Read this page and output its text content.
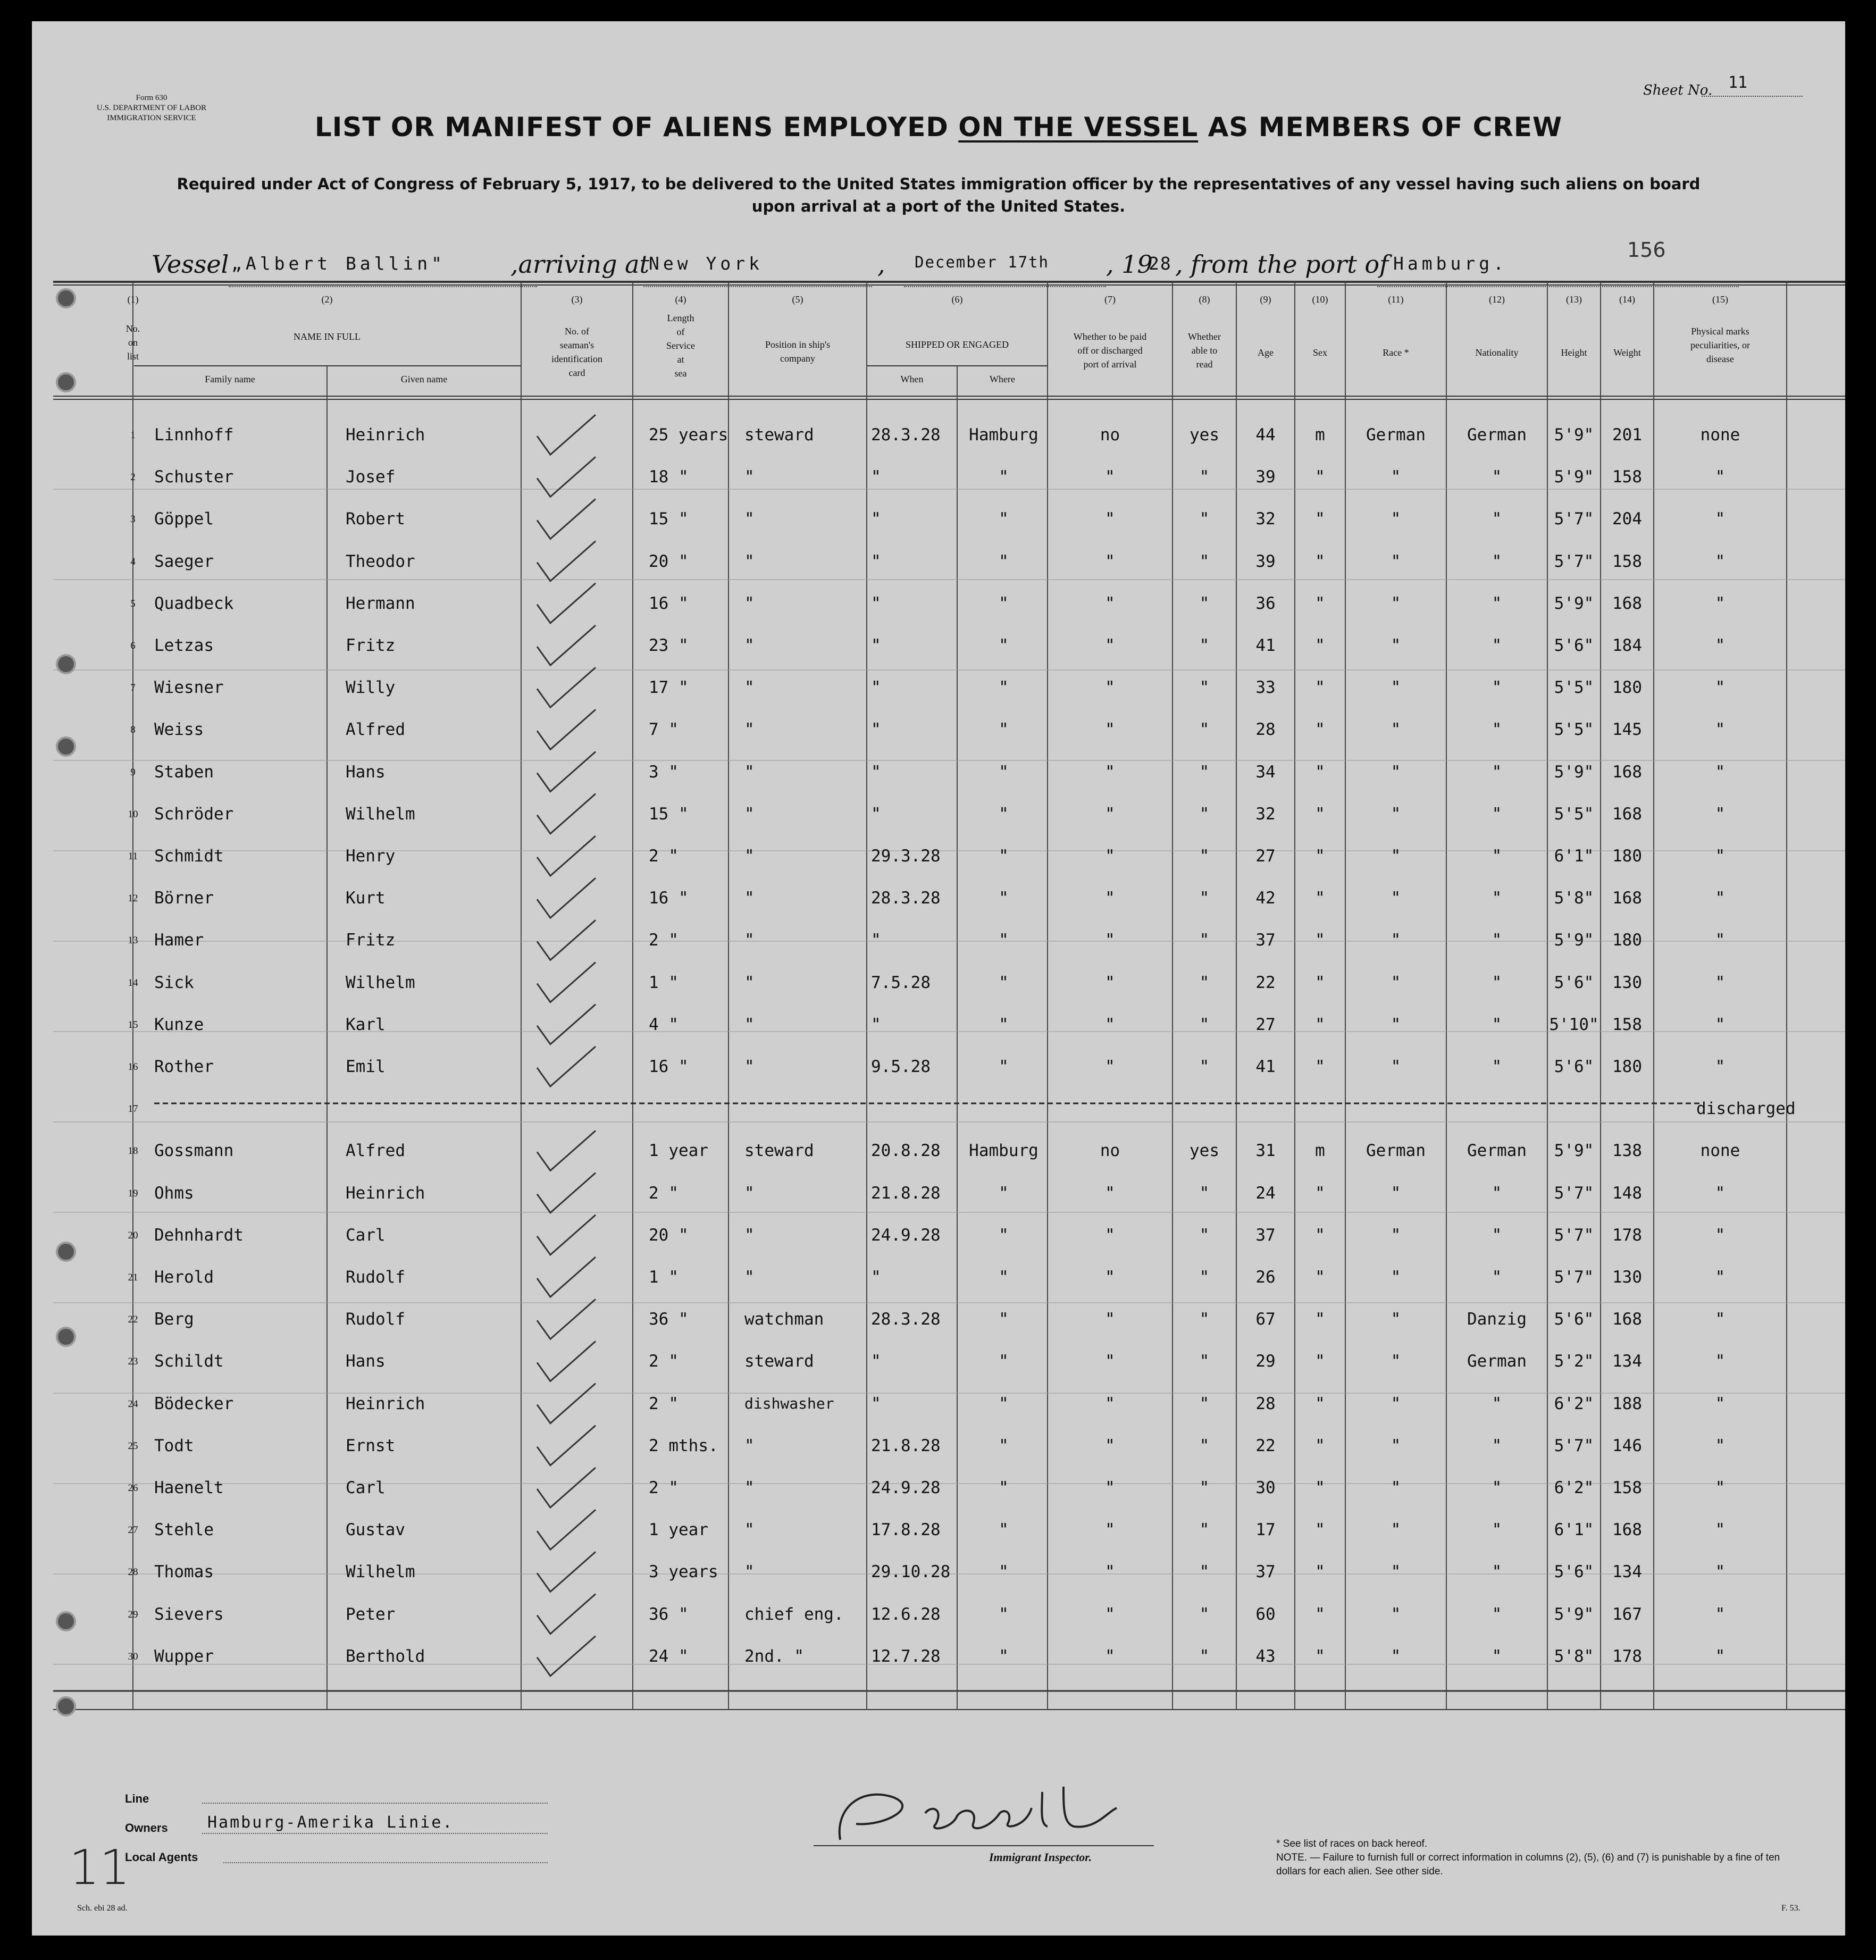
Form 630
U.S. DEPARTMENT OF LABOR
IMMIGRATION SERVICE
Sheet No. 11
LIST OR MANIFEST OF ALIENS EMPLOYED ON THE VESSEL AS MEMBERS OF CREW
Required under Act of Congress of February 5, 1917, to be delivered to the United States immigration officer by the representatives of any vessel having such aliens on board
upon arrival at a port of the United States.
Vessel „Albert Ballin"	,arriving at
New York	, December 17th , 19
28 , from the port of Hamburg.
156
(1)
No.
on
list
(2)
NAME IN FULL
Family name	Given name
(3)
No. of
seaman's
identification
card
(4)
Length
of
Service
at
sea
(5)
Position in ship's
company
(6)
SHIPPED OR ENGAGED
When	Where
(7)
Whether to be paid
off or discharged
port of arrival
(8)
Whether
able to
read
(9)
Age
(10)
Sex
(11)
Race *
(12)
Nationality
(13)
Height
(14)
Weight
(15)
Physical marks
peculiarities, or
disease
1	Linnhoff	Heinrich	25 years steward	28.3.28	Hamburg	no	yes	44	m	German	German	5'9"	201	none
2	Schuster	Josef	18 "	"	"	"	"	"	39	"	"	"	5'9"	158	"
3	Göppel	Robert	15 "	"	"	"	"	"	32	"	"	"	5'7"	204	"
4	Saeger	Theodor	20 "	"	"	"	"	"	39	"	"	"	5'7"	158	"
5	Quadbeck	Hermann	16 "	"	"	"	"	"	36	"	"	"	5'9"	168	"
6	Letzas	Fritz	23 "	"	"	"	"	"	41	"	"	"	5'6"	184	"
7	Wiesner	Willy	17 "	"	"	"	"	"	33	"	"	"	5'5"	180	"
8	Weiss	Alfred	7 "	"	"	"	"	"	28	"	"	"	5'5"	145	"
9	Staben	Hans	3 "	"	"	"	"	"	34	"	"	"	5'9"	168	"
10 Schröder	Wilhelm	15 "	"	"	"	"	"	32	"	"	"	5'5"	168	"
11 Schmidt	Henry	2 "	"	29.3.28	"	"	"	27	"	"	"	6'1"	180	"
12 Börner	Kurt	16 "	"	28.3.28	"	"	"	42	"	"	"	5'8"	168	"
13 Hamer	Fritz	2 "	"	"	"	"	"	37	"	"	"	5'9"	180	"
14 Sick	Wilhelm	1 "	"	7.5.28	"	"	"	22	"	"	"	5'6"	130	"
15 Kunze	Karl	4 "	"	"	"	"	"	27	"	"	"	5'10" 158	"
16 Rother	Emil	16 "	"	9.5.28	"	"	"	41	"	"	"	5'6"	180	"
17	discharged
18 Gossmann	Alfred	1 year	steward	20.8.28	Hamburg	no	yes	31	m	German	German	5'9"	138	none
19 Ohms	Heinrich	2 "	"	21.8.28	"	"	"	24	"	"	"	5'7"	148	"
20 Dehnhardt	Carl	20 "	"	24.9.28	"	"	"	37	"	"	"	5'7"	178	"
21 Herold	Rudolf	1 "	"	"	"	"	"	26	"	"	"	5'7"	130	"
22 Berg	Rudolf	36 "	watchman	28.3.28	"	"	"	67	"	"	Danzig	5'6"	168	"
23 Schildt	Hans	2 "	steward	"	"	"	"	29	"	"	German	5'2"	134	"
24 Bödecker	Heinrich	2 "	dishwasher	"	"	"	"	28	"	"	"	6'2"	188	"
25 Todt	Ernst	2 mths.	"	21.8.28	"	"	"	22	"	"	"	5'7"	146	"
26 Haenelt	Carl	2 "	"	24.9.28	"	"	"	30	"	"	"	6'2"	158	"
27 Stehle	Gustav	1 year	"	17.8.28	"	"	"	17	"	"	"	6'1"	168	"
28 Thomas	Wilhelm	3 years	"	29.10.28	"	"	"	37	"	"	"	5'6"	134	"
29 Sievers	Peter	36 "	chief eng.	12.6.28	"	"	"	60	"	"	"	5'9"	167	"
30 Wupper	Berthold	24 "	2nd. "	12.7.28	"	"	"	43	"	"	"	5'8"	178	"
Line
Owners Hamburg-Amerika Linie.
Local Agents	Immigrant Inspector.
* See list of races on back hereof.
NOTE. — Failure to furnish full or correct information in columns (2), (5), (6) and (7) is punishable by a fine of ten dollars for each alien. See other side.
Sch. ebi 28 ad.	F. 53.
11
